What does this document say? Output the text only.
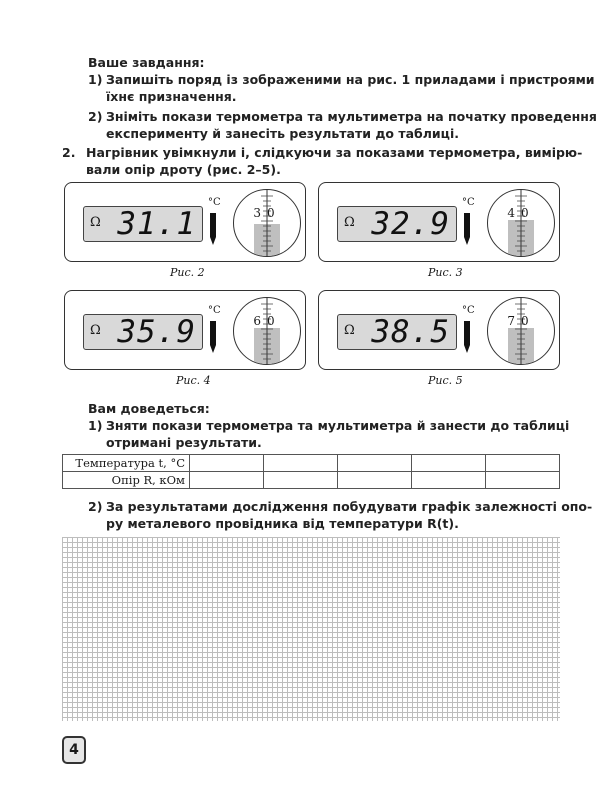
Ваше завдання:
1) Запишіть поряд із зображеними на рис. 1 приладами і пристроями
їхнє призначення.
2) Зніміть покази термометра та мультиметра на початку проведення
експерименту й занесіть результати до таблиці.
2. Нагрівник увімкнули і, слідкуючи за показами термометра, вимірю-
вали опір дроту (рис. 2–5).
Ω 31.1
°C
30
Рис. 2
Ω 32.9
°C
40
Рис. 3
Ω 35.9
°C
60
Рис. 4
Ω 38.5
°C
70
Рис. 5
Вам доведеться:
1) Зняти покази термометра та мультиметра й занести до таблиці
отримані результати.
Температура t, °C					
Опір R, кОм					
2) За результатами дослідження побудувати графік залежності опо-
ру металевого провідника від температури R(t).
4
